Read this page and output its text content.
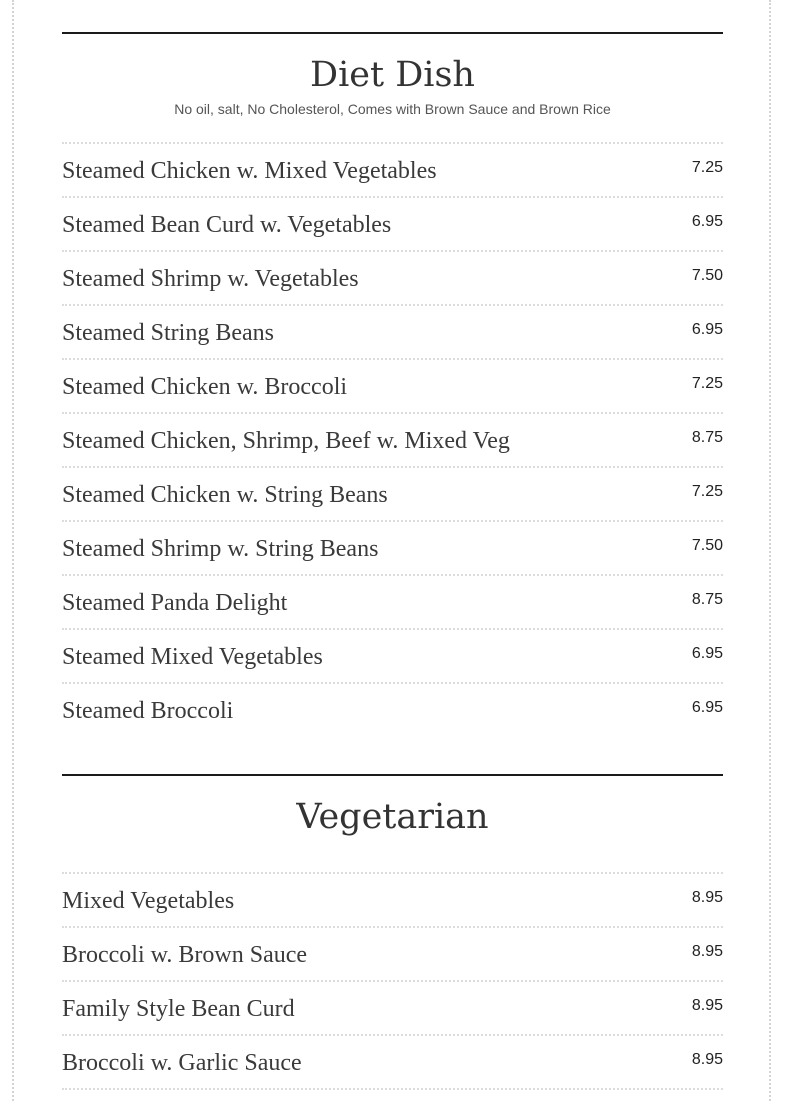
Diet Dish

No oil, salt, No Cholesterol, Comes with Brown Sauce and Brown Rice

Steamed Chicken w. Mixed Vegetables	7.25
Steamed Bean Curd w. Vegetables	6.95
Steamed Shrimp w. Vegetables	7.50
Steamed String Beans	6.95
Steamed Chicken w. Broccoli	7.25
Steamed Chicken, Shrimp, Beef w. Mixed Veg	8.75
Steamed Chicken w. String Beans	7.25
Steamed Shrimp w. String Beans	7.50
Steamed Panda Delight	8.75
Steamed Mixed Vegetables	6.95
Steamed Broccoli	6.95
Vegetarian
Mixed Vegetables	8.95
Broccoli w. Brown Sauce	8.95
Family Style Bean Curd	8.95
Broccoli w. Garlic Sauce	8.95
